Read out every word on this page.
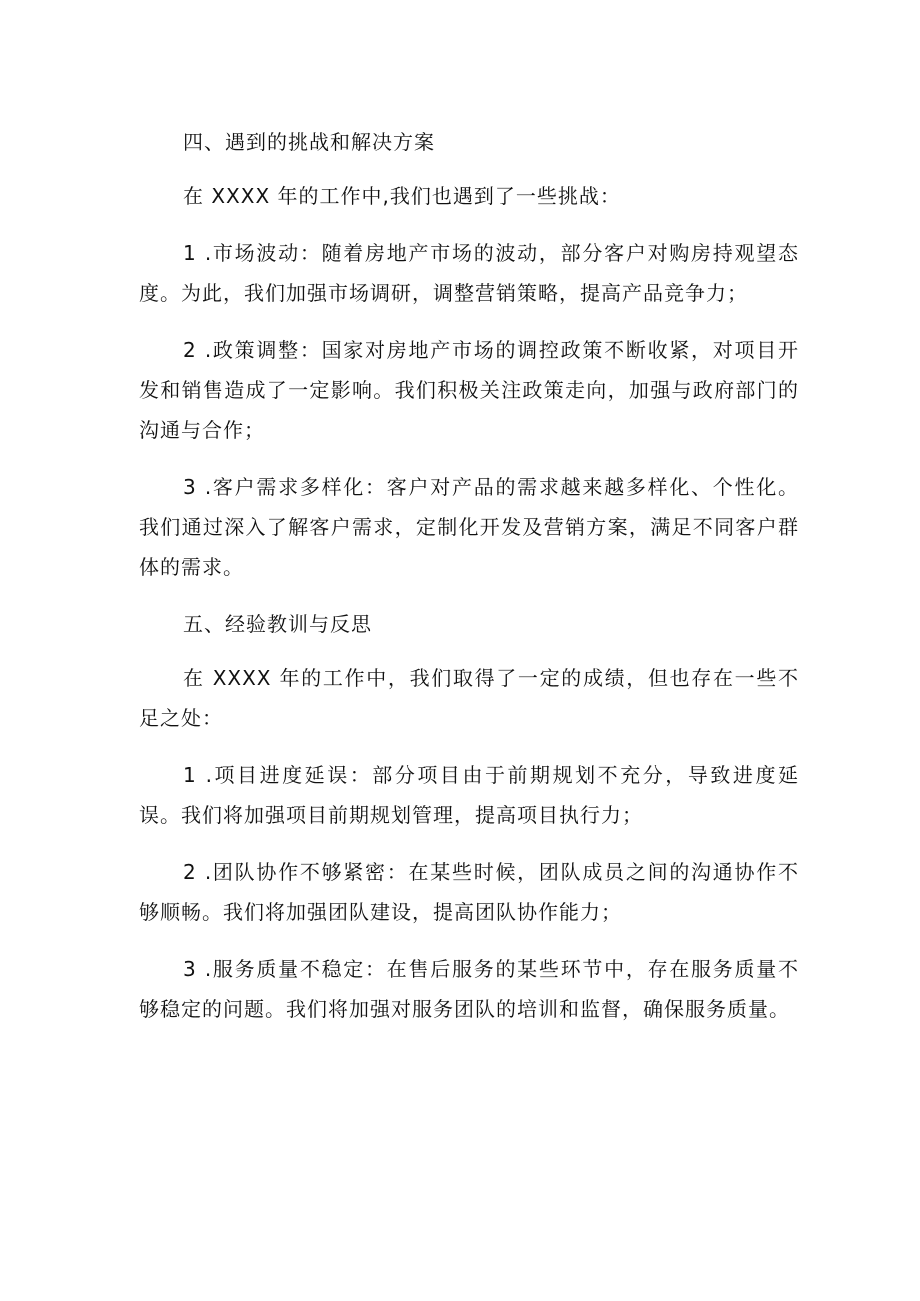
四、遇到的挑战和解决方案

在 XXXX 年的工作中,我们也遇到了一些挑战：

1 .市场波动：随着房地产市场的波动，部分客户对购房持观望态度。为此，我们加强市场调研，调整营销策略，提高产品竞争力；

2 .政策调整：国家对房地产市场的调控政策不断收紧，对项目开发和销售造成了一定影响。我们积极关注政策走向，加强与政府部门的沟通与合作；

3 .客户需求多样化：客户对产品的需求越来越多样化、个性化。我们通过深入了解客户需求，定制化开发及营销方案，满足不同客户群体的需求。

五、经验教训与反思

在 XXXX 年的工作中，我们取得了一定的成绩，但也存在一些不足之处：

1 .项目进度延误：部分项目由于前期规划不充分，导致进度延误。我们将加强项目前期规划管理，提高项目执行力；

2 .团队协作不够紧密：在某些时候，团队成员之间的沟通协作不够顺畅。我们将加强团队建设，提高团队协作能力；

3 .服务质量不稳定：在售后服务的某些环节中，存在服务质量不够稳定的问题。我们将加强对服务团队的培训和监督，确保服务质量。
